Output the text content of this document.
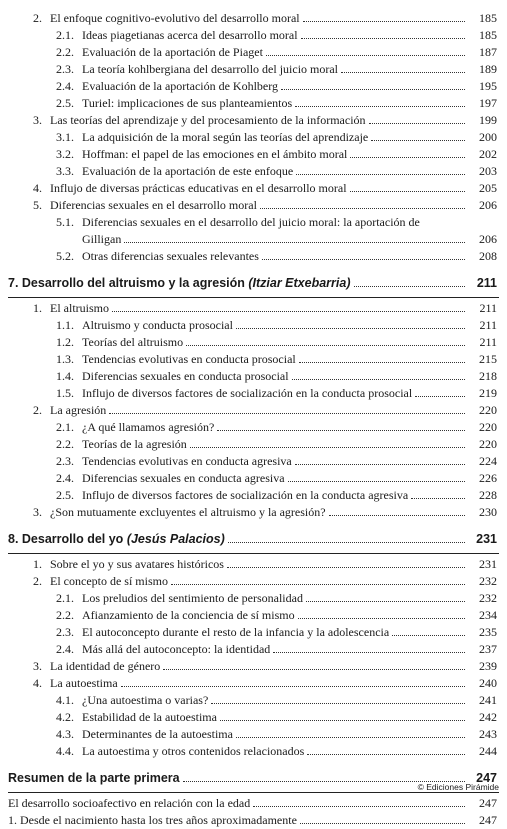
2. El enfoque cognitivo-evolutivo del desarrollo moral	185
2.1. Ideas piagetianas acerca del desarrollo moral	185
2.2. Evaluación de la aportación de Piaget	187
2.3. La teoría kohlbergiana del desarrollo del juicio moral	189
2.4. Evaluación de la aportación de Kohlberg	195
2.5. Turiel: implicaciones de sus planteamientos	197
3. Las teorías del aprendizaje y del procesamiento de la información	199
3.1. La adquisición de la moral según las teorías del aprendizaje	200
3.2. Hoffman: el papel de las emociones en el ámbito moral	202
3.3. Evaluación de la aportación de este enfoque	203
4. Influjo de diversas prácticas educativas en el desarrollo moral	205
5. Diferencias sexuales en el desarrollo moral	206
5.1. Diferencias sexuales en el desarrollo del juicio moral: la aportación de
Gilligan	206
5.2. Otras diferencias sexuales relevantes	208
7. Desarrollo del altruismo y la agresión (Itziar Etxebarria)	211
1. El altruismo	211
1.1. Altruismo y conducta prosocial	211
1.2. Teorías del altruismo	211
1.3. Tendencias evolutivas en conducta prosocial	215
1.4. Diferencias sexuales en conducta prosocial	218
1.5. Influjo de diversos factores de socialización en la conducta prosocial	219
2. La agresión	220
2.1. ¿A qué llamamos agresión?	220
2.2. Teorías de la agresión	220
2.3. Tendencias evolutivas en conducta agresiva	224
2.4. Diferencias sexuales en conducta agresiva	226
2.5. Influjo de diversos factores de socialización en la conducta agresiva	228
3. ¿Son mutuamente excluyentes el altruismo y la agresión?	230
8. Desarrollo del yo (Jesús Palacios)	231
1. Sobre el yo y sus avatares históricos	231
2. El concepto de sí mismo	232
2.1. Los preludios del sentimiento de personalidad	232
2.2. Afianzamiento de la conciencia de sí mismo	234
2.3. El autoconcepto durante el resto de la infancia y la adolescencia	235
2.4. Más allá del autoconcepto: la identidad	237
3. La identidad de género	239
4. La autoestima	240
4.1. ¿Una autoestima o varias?	241
4.2. Estabilidad de la autoestima	242
4.3. Determinantes de la autoestima	243
4.4. La autoestima y otros contenidos relacionados	244
Resumen de la parte primera	247
El desarrollo socioafectivo en relación con la edad	247
1. Desde el nacimiento hasta los tres años aproximadamente	247
© Ediciones Pirámide
